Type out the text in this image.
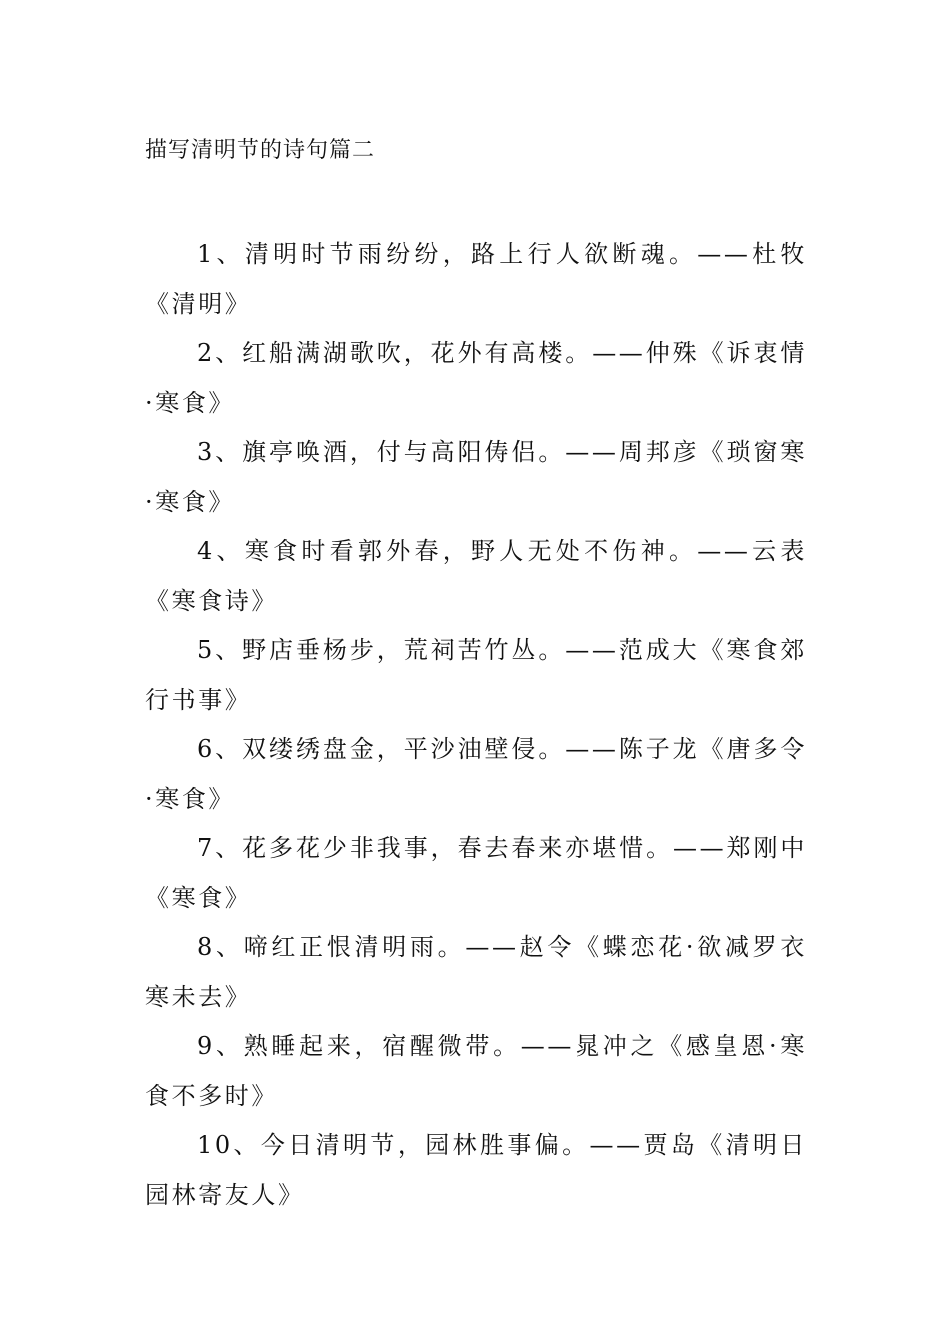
描写清明节的诗句篇二

1、清明时节雨纷纷，路上行人欲断魂。——杜牧《清明》

2、红船满湖歌吹，花外有高楼。——仲殊《诉衷情·寒食》

3、旗亭唤酒，付与高阳俦侣。——周邦彦《琐窗寒·寒食》

4、寒食时看郭外春，野人无处不伤神。——云表《寒食诗》

5、野店垂杨步，荒祠苦竹丛。——范成大《寒食郊行书事》

6、双缕绣盘金，平沙油壁侵。——陈子龙《唐多令·寒食》

7、花多花少非我事，春去春来亦堪惜。——郑刚中《寒食》

8、啼红正恨清明雨。——赵令《蝶恋花·欲减罗衣寒未去》

9、熟睡起来，宿醒微带。——晁冲之《感皇恩·寒食不多时》

10、今日清明节，园林胜事偏。——贾岛《清明日园林寄友人》
